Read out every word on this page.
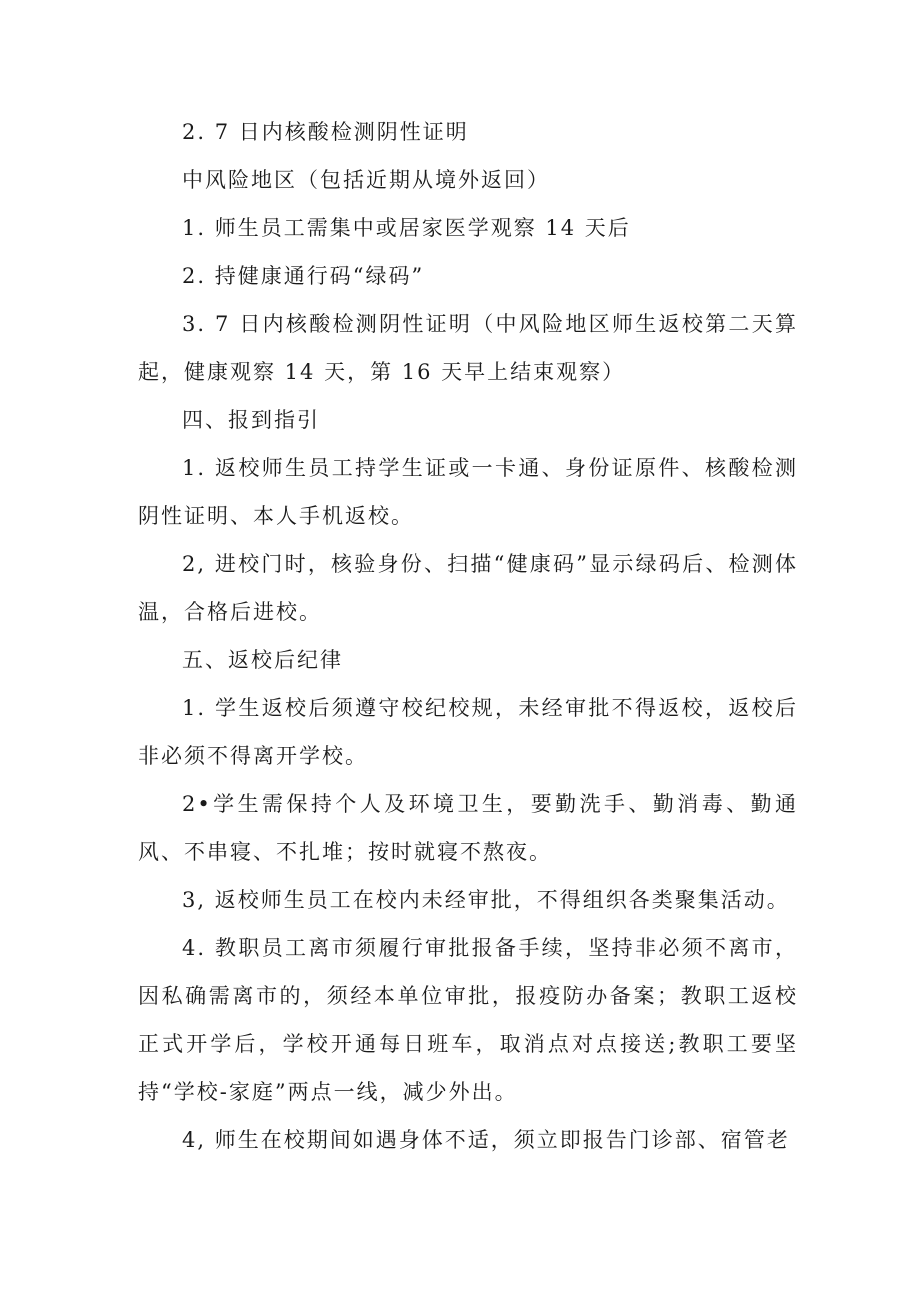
2. 7 日内核酸检测阴性证明

中风险地区（包括近期从境外返回）

1. 师生员工需集中或居家医学观察 14 天后

2. 持健康通行码“绿码”

3. 7 日内核酸检测阴性证明（中风险地区师生返校第二天算起，健康观察 14 天，第 16 天早上结束观察）

四、报到指引

1. 返校师生员工持学生证或一卡通、身份证原件、核酸检测阴性证明、本人手机返校。

2, 进校门时，核验身份、扫描“健康码”显示绿码后、检测体温，合格后进校。

五、返校后纪律

1. 学生返校后须遵守校纪校规，未经审批不得返校，返校后非必须不得离开学校。

2•学生需保持个人及环境卫生，要勤洗手、勤消毒、勤通风、不串寝、不扎堆；按时就寝不熬夜。

3, 返校师生员工在校内未经审批，不得组织各类聚集活动。

4. 教职员工离市须履行审批报备手续，坚持非必须不离市，因私确需离市的，须经本单位审批，报疫防办备案；教职工返校正式开学后，学校开通每日班车，取消点对点接送;教职工要坚持“学校-家庭”两点一线，减少外出。

4, 师生在校期间如遇身体不适，须立即报告门诊部、宿管老
